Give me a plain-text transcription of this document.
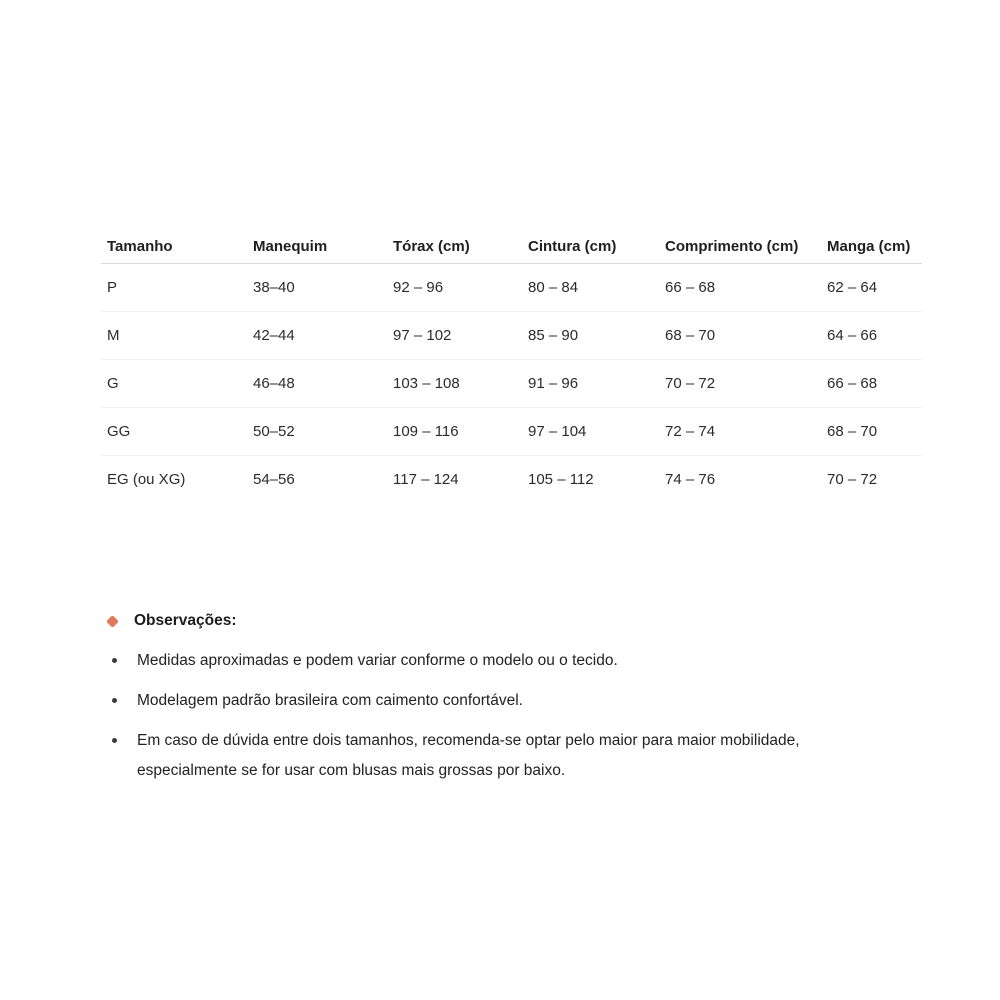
Tamanho	Manequim	Tórax (cm)	Cintura (cm)	Comprimento (cm)	Manga (cm)
P	38–40	92 – 96	80 – 84	66 – 68	62 – 64
M	42–44	97 – 102	85 – 90	68 – 70	64 – 66
G	46–48	103 – 108	91 – 96	70 – 72	66 – 68
GG	50–52	109 – 116	97 – 104	72 – 74	68 – 70
EG (ou XG)	54–56	117 – 124	105 – 112	74 – 76	70 – 72
Observações:
Medidas aproximadas e podem variar conforme o modelo ou o tecido.
Modelagem padrão brasileira com caimento confortável.
Em caso de dúvida entre dois tamanhos, recomenda-se optar pelo maior para maior mobilidade, especialmente se for usar com blusas mais grossas por baixo.
